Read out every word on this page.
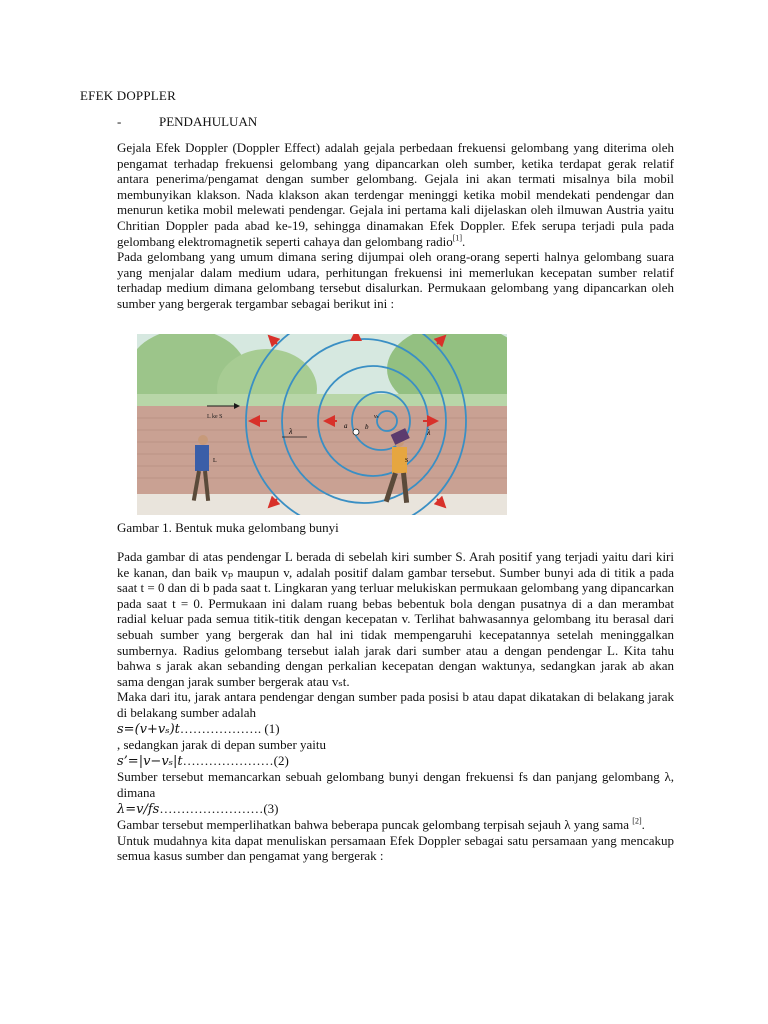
EFEK DOPPLER
-	PENDAHULUAN

Gejala Efek Doppler (Doppler Effect) adalah gejala perbedaan frekuensi gelombang yang diterima oleh pengamat terhadap frekuensi gelombang yang dipancarkan oleh sumber, ketika terdapat gerak relatif antara penerima/pengamat dengan sumber gelombang. Gejala ini akan termati misalnya bila mobil membunyikan klakson. Nada klakson akan terdengar meninggi ketika mobil mendekati pendengar dan menurun ketika mobil melewati pendengar. Gejala ini pertama kali dijelaskan oleh ilmuwan Austria yaitu Chritian Doppler pada abad ke-19, sehingga dinamakan Efek Doppler. Efek serupa terjadi pula pada gelombang elektromagnetik seperti cahaya dan gelombang radio[1].

Pada gelombang yang umum dimana sering dijumpai oleh orang-orang seperti halnya gelombang suara yang menjalar dalam medium udara, perhitungan frekuensi ini memerlukan kecepatan sumber relatif terhadap medium dimana gelombang tersebut disalurkan. Permukaan gelombang yang dipancarkan oleh sumber yang bergerak tergambar sebagai berikut ini :

L ke S
λ	λ
a	b
vₛ
L	S
Gambar 1. Bentuk muka gelombang bunyi

Pada gambar di atas pendengar L berada di sebelah kiri sumber S. Arah positif yang terjadi yaitu dari kiri ke kanan, dan baik vₚ maupun v, adalah positif dalam gambar tersebut. Sumber bunyi ada di titik a pada saat t = 0 dan di b pada saat t. Lingkaran yang terluar melukiskan permukaan gelombang yang dipancarkan pada saat t = 0. Permukaan ini dalam ruang bebas bebentuk bola dengan pusatnya di a dan merambat radial keluar pada semua titik-titik dengan kecepatan v. Terlihat bahwasannya gelombang itu berasal dari sebuah sumber yang bergerak dan hal ini tidak mempengaruhi kecepatannya setelah meninggalkan sumbernya. Radius gelombang tersebut ialah jarak dari sumber atau a dengan pendengar L. Kita tahu bahwa s jarak akan sebanding dengan perkalian kecepatan dengan waktunya, sedangkan jarak ab akan sama dengan jarak sumber bergerak atau vₛt.

Maka dari itu, jarak antara pendengar dengan sumber pada posisi b atau dapat dikatakan di belakang jarak di belakang sumber adalah

s=(v+vₛ)t………………. (1)

, sedangkan jarak di depan sumber yaitu

s’=|v−vₛ|t…………………(2)

Sumber tersebut memancarkan sebuah gelombang bunyi dengan frekuensi fs dan panjang gelombang λ, dimana

λ=v/fs……………………(3)

Gambar tersebut memperlihatkan bahwa beberapa puncak gelombang terpisah sejauh λ yang sama [2].

Untuk mudahnya kita dapat menuliskan persamaan Efek Doppler sebagai satu persamaan yang mencakup semua kasus sumber dan pengamat yang bergerak :
